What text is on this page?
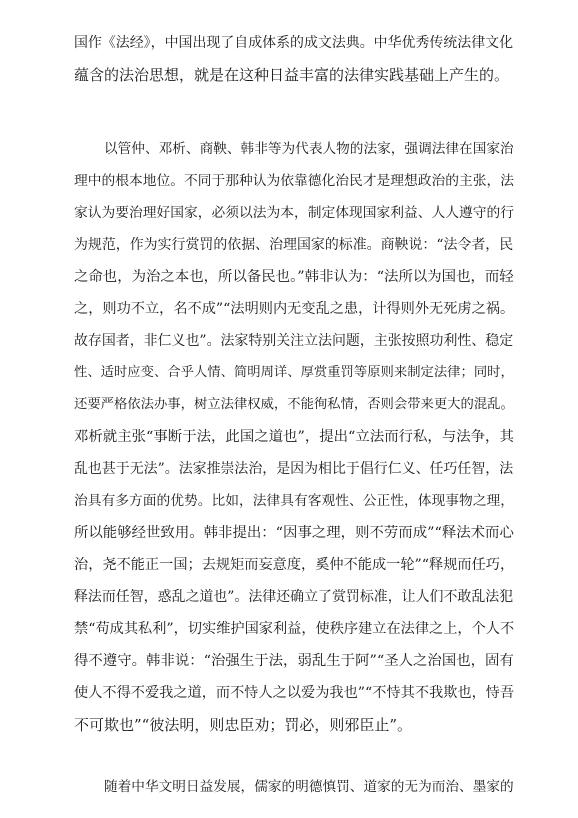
国作《法经》，中国出现了自成体系的成文法典。中华优秀传统法律文化
蕴含的法治思想，就是在这种日益丰富的法律实践基础上产生的。
以管仲、邓析、商鞅、韩非等为代表人物的法家，强调法律在国家治
理中的根本地位。不同于那种认为依靠德化治民才是理想政治的主张，法
家认为要治理好国家，必须以法为本，制定体现国家利益、人人遵守的行
为规范，作为实行赏罚的依据、治理国家的标准。商鞅说：“法令者，民
之命也，为治之本也，所以备民也。”韩非认为：“法所以为国也，而轻
之，则功不立，名不成”“法明则内无变乱之患，计得则外无死虏之祸。
故存国者，非仁义也”。法家特别关注立法问题，主张按照功利性、稳定
性、适时应变、合乎人情、简明周详、厚赏重罚等原则来制定法律；同时，
还要严格依法办事，树立法律权威，不能徇私情，否则会带来更大的混乱。
邓析就主张“事断于法，此国之道也”，提出“立法而行私，与法争，其
乱也甚于无法”。法家推崇法治，是因为相比于倡行仁义、任巧任智，法
治具有多方面的优势。比如，法律具有客观性、公正性，体现事物之理，
所以能够经世致用。韩非提出：“因事之理，则不劳而成”“释法术而心
治，尧不能正一国；去规矩而妄意度，奚仲不能成一轮”“释规而任巧，
释法而任智，惑乱之道也”。法律还确立了赏罚标准，让人们不敢乱法犯
禁“苟成其私利”，切实维护国家利益，使秩序建立在法律之上，个人不
得不遵守。韩非说：“治强生于法，弱乱生于阿”“圣人之治国也，固有
使人不得不爱我之道，而不恃人之以爱为我也”“不恃其不我欺也，恃吾
不可欺也”“彼法明，则忠臣劝；罚必，则邪臣止”。
随着中华文明日益发展，儒家的明德慎罚、道家的无为而治、墨家的
